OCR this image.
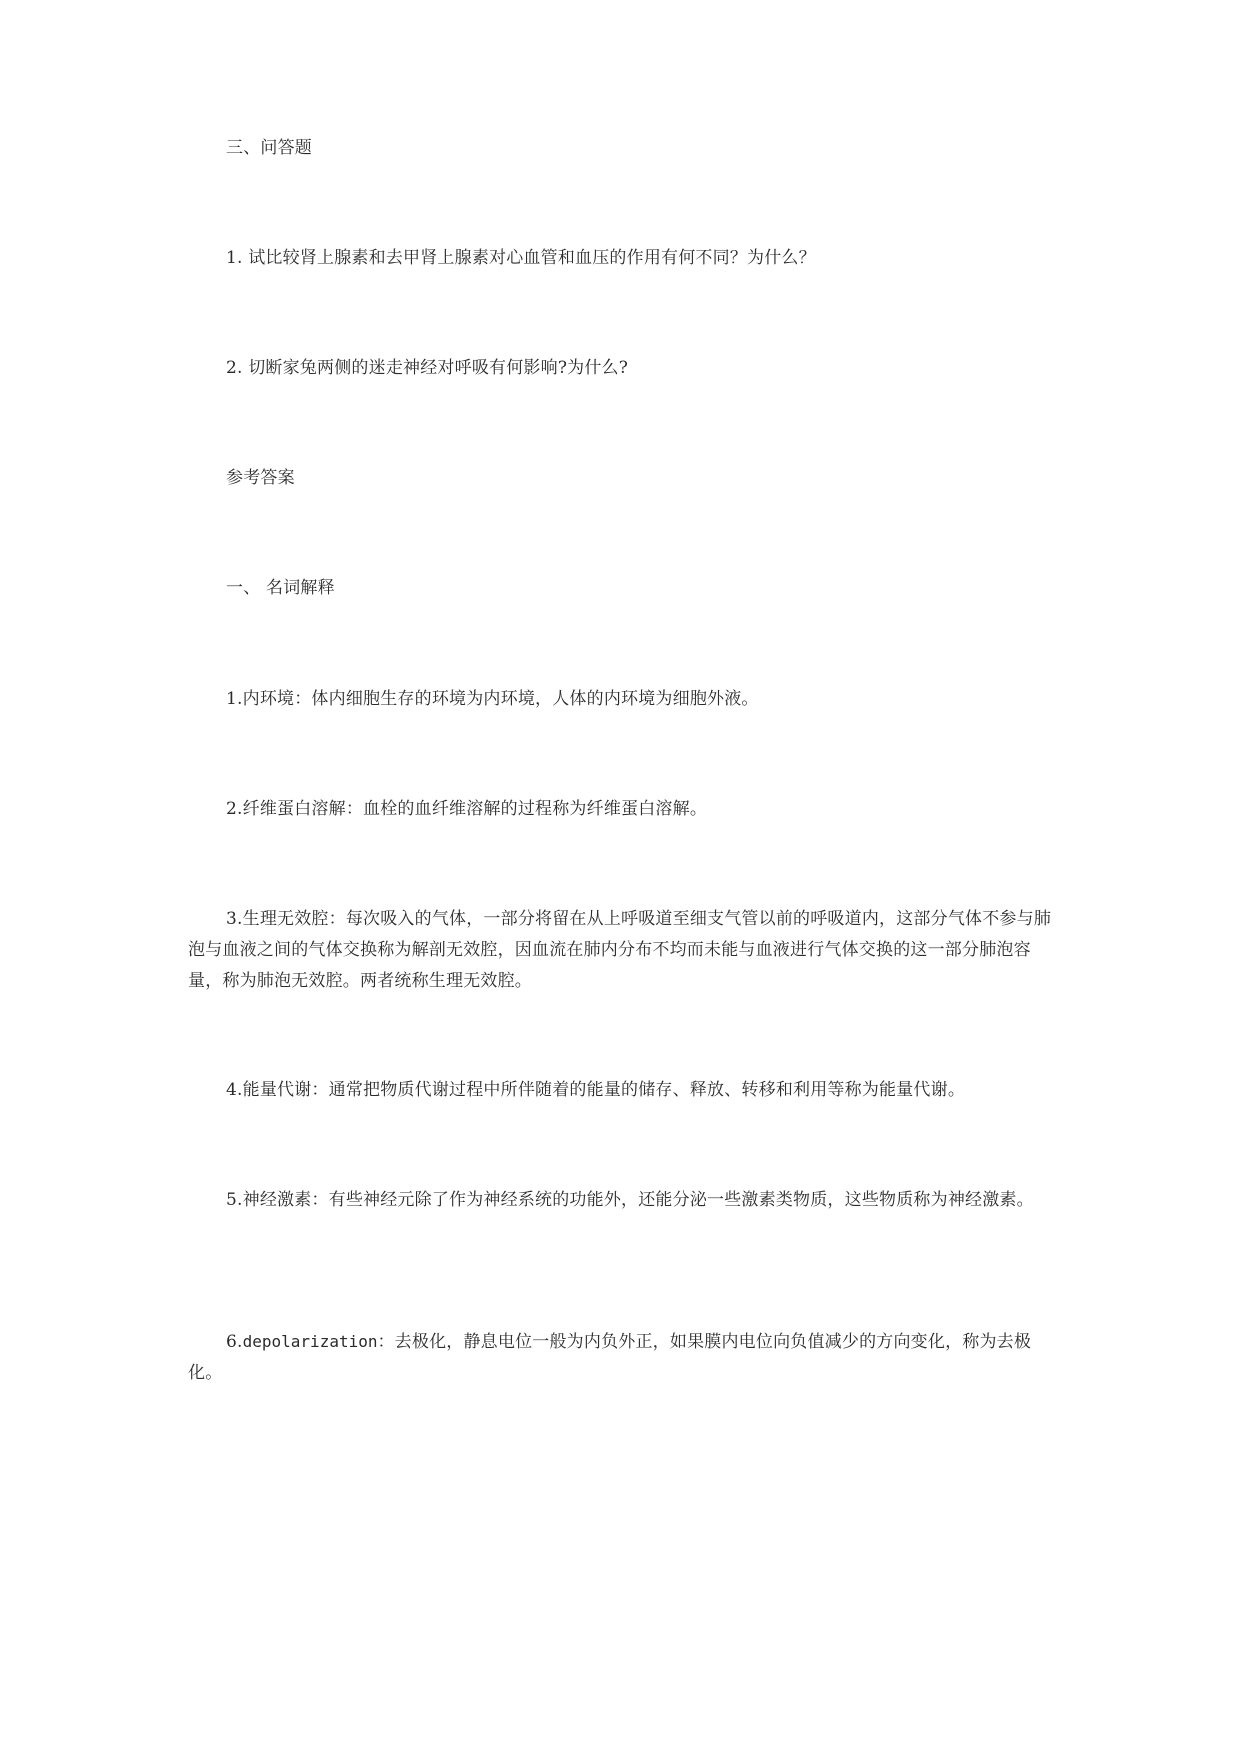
三、问答题

1. 试比较肾上腺素和去甲肾上腺素对心血管和血压的作用有何不同？为什么？

2. 切断家兔两侧的迷走神经对呼吸有何影响?为什么?

参考答案

一、 名词解释

1.内环境：体内细胞生存的环境为内环境，人体的内环境为细胞外液。

2.纤维蛋白溶解：血栓的血纤维溶解的过程称为纤维蛋白溶解。

3.生理无效腔：每次吸入的气体，一部分将留在从上呼吸道至细支气管以前的呼吸道内，这部分气体不参与肺泡与血液之间的气体交换称为解剖无效腔，因血流在肺内分布不均而未能与血液进行气体交换的这一部分肺泡容量，称为肺泡无效腔。两者统称生理无效腔。

4.能量代谢：通常把物质代谢过程中所伴随着的能量的储存、释放、转移和利用等称为能量代谢。

5.神经激素：有些神经元除了作为神经系统的功能外，还能分泌一些激素类物质，这些物质称为神经激素。

6.depolarization：去极化，静息电位一般为内负外正，如果膜内电位向负值减少的方向变化，称为去极化。
